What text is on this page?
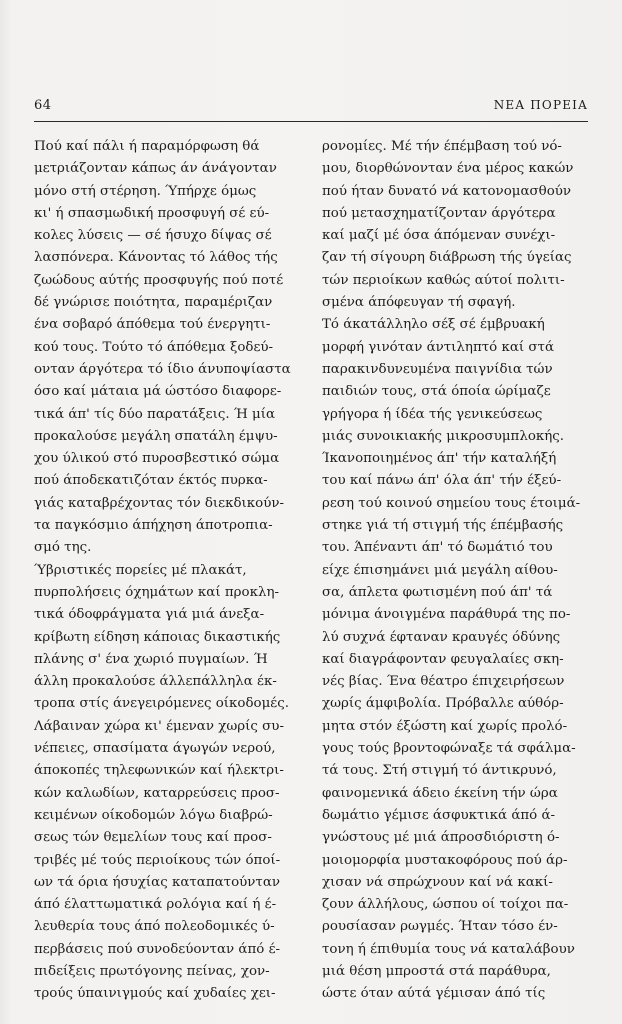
64	ΝΕΑ ΠΟΡΕΙΑ
Πού καί πάλι ή παραμόρφωση θά
μετριάζονταν κάπως άν άνάγονταν
μόνο στή στέρηση. Ύπήρχε όμως
κι' ή σπασμωδική προσφυγή σέ εύ-
κολες λύσεις — σέ ήσυχο δίψας σέ
λασπόνερα. Κάνοντας τό λάθος τής
ζωώδους αύτής προσφυγής πού ποτέ
δέ γνώρισε ποιότητα, παραμέριζαν
ένα σοβαρό άπόθεμα τού ένεργητι-
κού τους. Τούτο τό άπόθεμα ξοδεύ-
ονταν άργότερα τό ίδιο άνυποψίαστα
όσο καί μάταια μά ώστόσο διαφορε-
τικά άπ' τίς δύο παρατάξεις. Ή μία
προκαλούσε μεγάλη σπατάλη έμψυ-
χου ύλικού στό πυροσβεστικό σώμα
πού άποδεκατιζόταν έκτός πυρκα-
γιάς καταβρέχοντας τόν διεκδικούν-
τα παγκόσμιο άπήχηση άποτροπια-
σμό της.
Ύβριστικές πορείες μέ πλακάτ,
πυρπολήσεις όχημάτων καί προκλη-
τικά όδοφράγματα γιά μιά άνεξα-
κρίβωτη είδηση κάποιας δικαστικής
πλάνης σ' ένα χωριό πυγμαίων. Ή
άλλη προκαλούσε άλλεπάλληλα έκ-
τροπα στίς άνεγειρόμενες οίκοδομές.
Λάβαιναν χώρα κι' έμεναν χωρίς συ-
νέπειες, σπασίματα άγωγών νερού,
άποκοπές τηλεφωνικών καί ήλεκτρι-
κών καλωδίων, καταρρεύσεις προσ-
κειμένων οίκοδομών λόγω διαβρώ-
σεως τών θεμελίων τους καί προσ-
τριβές μέ τούς περιοίκους τών όποί-
ων τά όρια ήσυχίας καταπατούνταν
άπό έλαττωματικά ρολόγια καί ή έ-
λευθερία τους άπό πολεοδομικές ύ-
περβάσεις πού συνοδεύονταν άπό έ-
πιδείξεις πρωτόγονης πείνας, χον-
τρούς ύπαινιγμούς καί χυδαίες χει-
ρονομίες. Μέ τήν έπέμβαση τού νό-
μου, διορθώνονταν ένα μέρος κακών
πού ήταν δυνατό νά κατονομασθούν
πού μετασχηματίζονταν άργότερα
καί μαζί μέ όσα άπόμεναν συνέχι-
ζαν τή σίγουρη διάβρωση τής ύγείας
τών περιοίκων καθώς αύτοί πολιτι-
σμένα άπόφευγαν τή σφαγή.
Τό άκατάλληλο σέξ σέ έμβρυακή
μορφή γινόταν άντιληπτό καί στά
παρακινδυνευμένα παιγνίδια τών
παιδιών τους, στά όποία ώρίμαζε
γρήγορα ή ίδέα τής γενικεύσεως
μιάς συνοικιακής μικροσυμπλοκής.
Ίκανοποιημένος άπ' τήν καταλήξή
του καί πάνω άπ' όλα άπ' τήν έξεύ-
ρεση τού κοινού σημείου τους έτοιμά-
στηκε γιά τή στιγμή τής έπέμβασής
του. Άπέναντι άπ' τό δωμάτιό του
είχε έπισημάνει μιά μεγάλη αίθου-
σα, άπλετα φωτισμένη πού άπ' τά
μόνιμα άνοιγμένα παράθυρά της πο-
λύ συχνά έφταναν κραυγές όδύνης
καί διαγράφονταν φευγαλαίες σκη-
νές βίας. Ένα θέατρο έπιχειρήσεων
χωρίς άμφιβολία. Πρόβαλλε αύθόρ-
μητα στόν έξώστη καί χωρίς προλό-
γους τούς βροντοφώναξε τά σφάλμα-
τά τους. Στή στιγμή τό άντικρυνό,
φαινομενικά άδειο έκείνη τήν ώρα
δωμάτιο γέμισε άσφυκτικά άπό ά-
γνώστους μέ μιά άπροσδιόριστη ό-
μοιομορφία μυστακοφόρους πού άρ-
χισαν νά σπρώχνουν καί νά κακί-
ζουν άλλήλους, ώσπου οί τοίχοι πα-
ρουσίασαν ρωγμές. Ήταν τόσο έν-
τονη ή έπιθυμία τους νά καταλάβουν
μιά θέση μπροστά στά παράθυρα,
ώστε όταν αύτά γέμισαν άπό τίς
